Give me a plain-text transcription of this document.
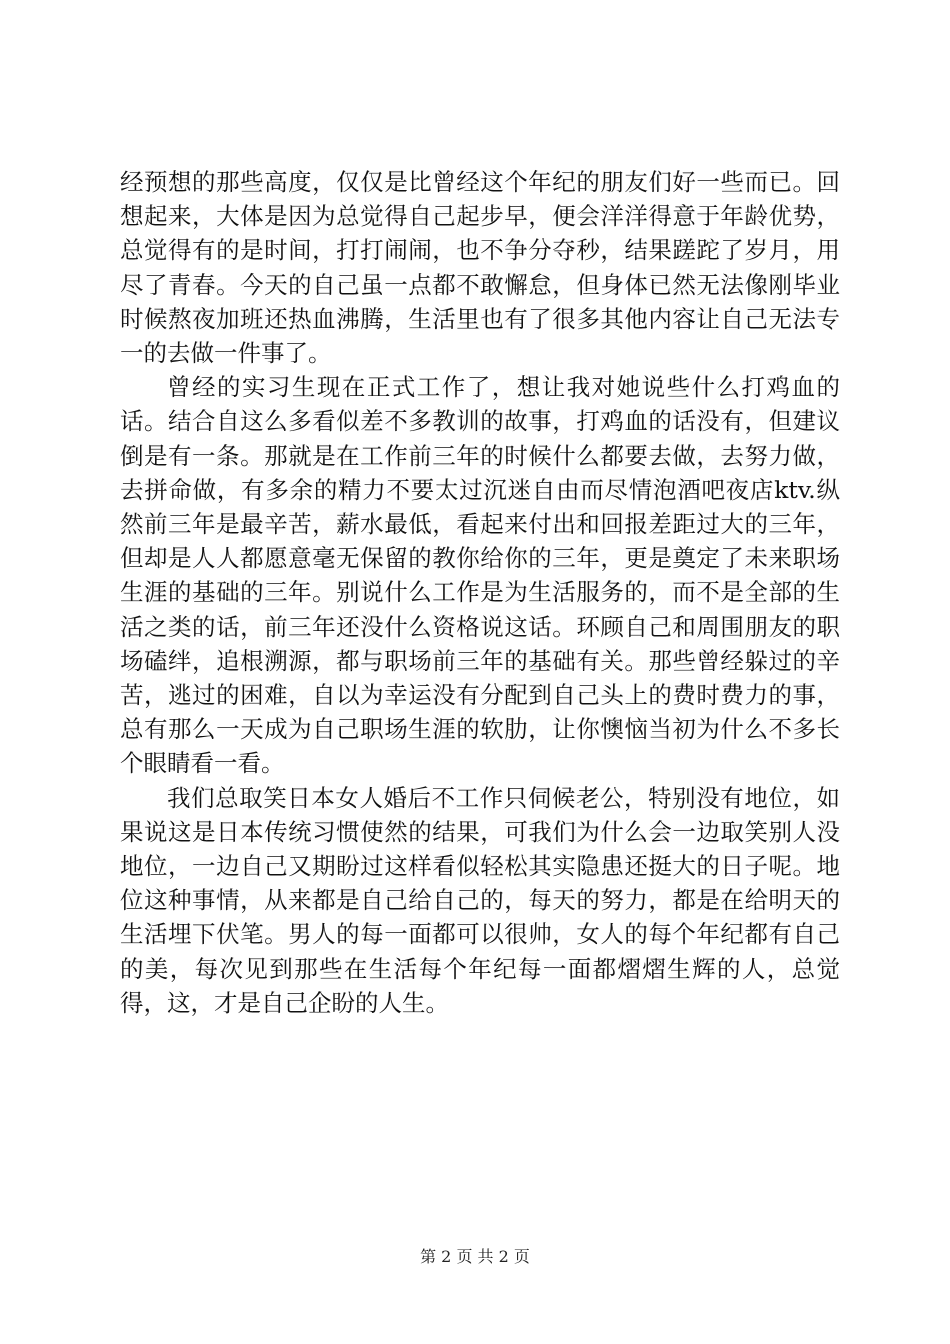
经预想的那些高度，仅仅是比曾经这个年纪的朋友们好一些而已。回想起来，大体是因为总觉得自己起步早，便会洋洋得意于年龄优势，总觉得有的是时间，打打闹闹，也不争分夺秒，结果蹉跎了岁月，用尽了青春。今天的自己虽一点都不敢懈怠，但身体已然无法像刚毕业时候熬夜加班还热血沸腾，生活里也有了很多其他内容让自己无法专一的去做一件事了。

曾经的实习生现在正式工作了，想让我对她说些什么打鸡血的话。结合自这么多看似差不多教训的故事，打鸡血的话没有，但建议倒是有一条。那就是在工作前三年的时候什么都要去做，去努力做，去拼命做，有多余的精力不要太过沉迷自由而尽情泡酒吧夜店ktv.纵然前三年是最辛苦，薪水最低，看起来付出和回报差距过大的三年，但却是人人都愿意毫无保留的教你给你的三年，更是奠定了未来职场生涯的基础的三年。别说什么工作是为生活服务的，而不是全部的生活之类的话，前三年还没什么资格说这话。环顾自己和周围朋友的职场磕绊，追根溯源，都与职场前三年的基础有关。那些曾经躲过的辛苦，逃过的困难，自以为幸运没有分配到自己头上的费时费力的事，总有那么一天成为自己职场生涯的软肋，让你懊恼当初为什么不多长个眼睛看一看。

我们总取笑日本女人婚后不工作只伺候老公，特别没有地位，如果说这是日本传统习惯使然的结果，可我们为什么会一边取笑别人没地位，一边自己又期盼过这样看似轻松其实隐患还挺大的日子呢。地位这种事情，从来都是自己给自己的，每天的努力，都是在给明天的生活埋下伏笔。男人的每一面都可以很帅，女人的每个年纪都有自己的美，每次见到那些在生活每个年纪每一面都熠熠生辉的人，总觉得，这，才是自己企盼的人生。

第 2 页 共 2 页
